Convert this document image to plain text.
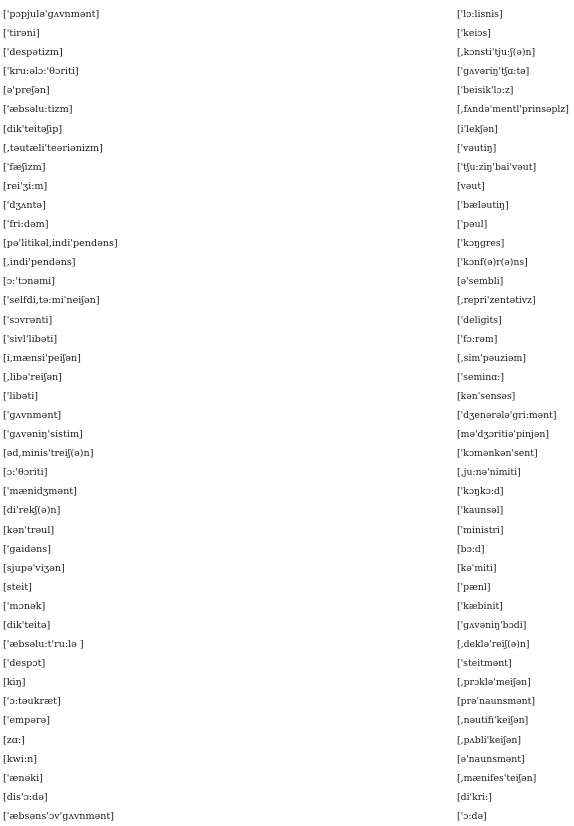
['pɔpjulə'gʌvnmənt]
['tirəni]
['despətizm]
['kru:əlɔ:'θɔriti]
[ə'preʃən]
['æbsəlu:tizm]
[dik'teitəʃip]
[,təutæli'teəriənizm]
['fæʃizm]
[rei'ʒi:m]
['dʒʌntə]
['fri:dəm]
[pə'litikəl,indi'pendəns]
[,indi'pendəns]
[ɔ:'tɔnəmi]
['selfdi,tə:mi'neiʃən]
['sɔvrənti]
['sivl'libəti]
[i,mænsi'peiʃən]
[,libə'reiʃən]
['libəti]
['gʌvnmənt]
['gʌvəniŋ'sistim]
[əd,minis'treiʃ(ə)n]
[ɔ:'θɔriti]
['mænidʒmənt]
[di'rekʃ(ə)n]
[kən'trəul]
['gaidəns]
[sjupə'viʒən]
[steit]
['mɔnək]
[dik'teitə]
['æbsəlu:t'ru:lə ]
['despɔt]
[kiŋ]
['ɔ:təukræt]
['empərə]
[zɑ:]
[kwi:n]
['ænəki]
[dis'ɔ:də]
['æbsəns'ɔv'gʌvnmənt]
['lɔ:lisnis]
['keiɔs]
[,kɔnsti'tju:ʃ(ə)n]
['gʌvəriŋ'tʃɑ:tə]
['beisik'lɔ:z]
[,fʌndə'mentl'prinsəplz]
[i'lekʃən]
['vəutiŋ]
['tʃu:ziŋ'bai'vəut]
[vəut]
['bæləutiŋ]
['pəul]
['kɔŋgres]
['kɔnf(ə)r(ə)ns]
[ə'sembli]
[,repri'zentətivz]
['deligits]
['fɔ:rəm]
[,sim'pəuziəm]
['seminɑ:]
[kən'sensəs]
['dʒenərələ'gri:mənt]
[mə'dʒɔritiə'pinjən]
['kɔmənkən'sent]
[,ju:nə'nimiti]
['kɔŋkɔ:d]
['kaunsəl]
['ministri]
[bɔ:d]
[kə'miti]
['pænl]
['kæbinit]
['gʌvəniŋ'bɔdi]
[,deklə'reiʃ(ə)n]
['steitmənt]
[,prɔklə'meiʃən]
[prə'naunsmənt]
[,nəutifi'keiʃən]
[,pʌbli'keiʃən]
[ə'naunsmənt]
[,mænifes'teiʃən]
[di'kri:]
['ɔ:də]
